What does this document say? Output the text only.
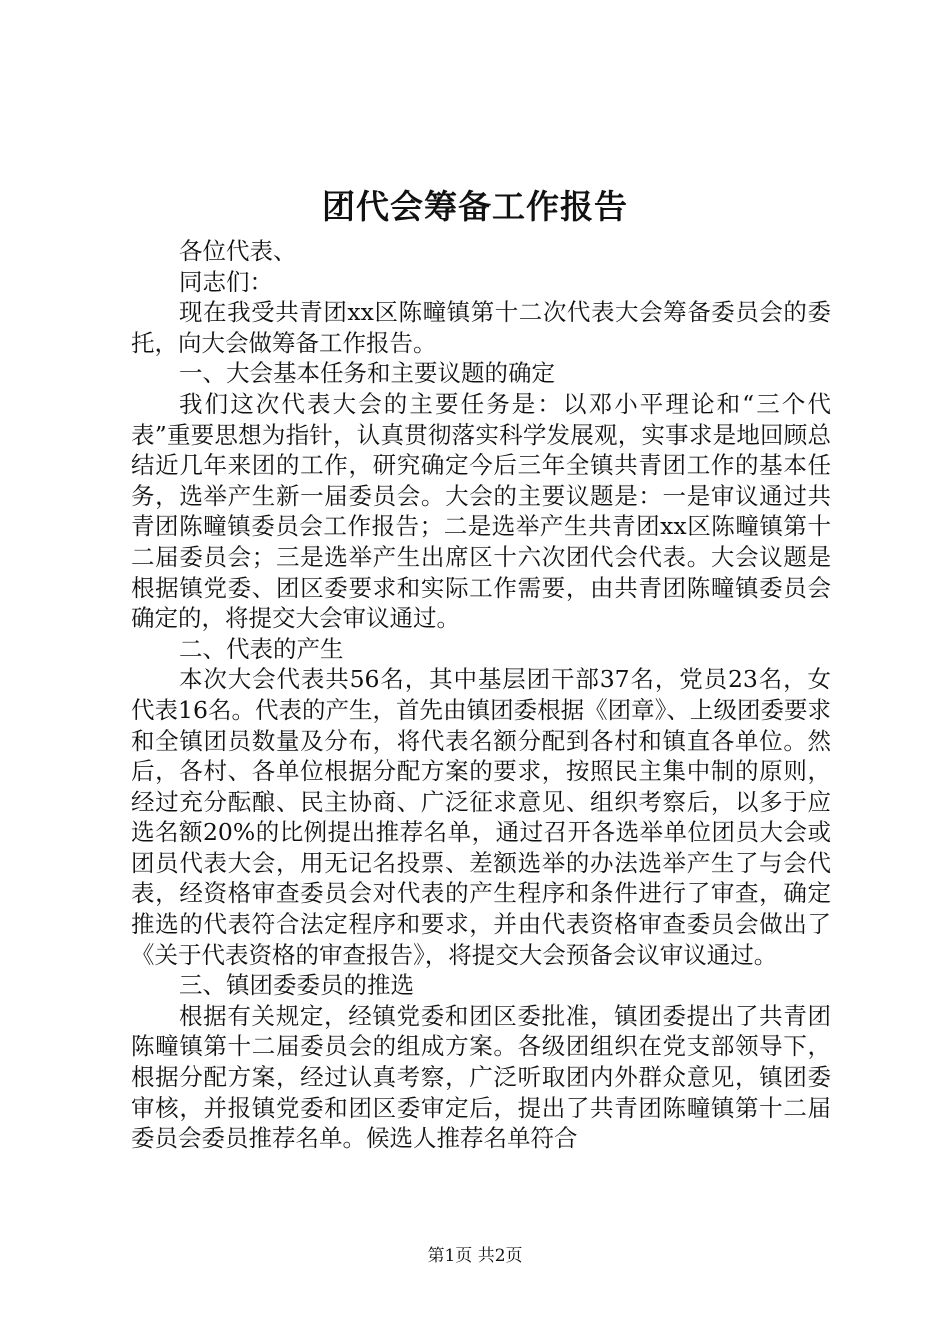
团代会筹备工作报告

各位代表、

同志们：

现在我受共青团xx区陈疃镇第十二次代表大会筹备委员会的委托，向大会做筹备工作报告。

一、大会基本任务和主要议题的确定

我们这次代表大会的主要任务是：以邓小平理论和“三个代表”重要思想为指针，认真贯彻落实科学发展观，实事求是地回顾总结近几年来团的工作，研究确定今后三年全镇共青团工作的基本任务，选举产生新一届委员会。大会的主要议题是：一是审议通过共青团陈疃镇委员会工作报告；二是选举产生共青团xx区陈疃镇第十二届委员会；三是选举产生出席区十六次团代会代表。大会议题是根据镇党委、团区委要求和实际工作需要，由共青团陈疃镇委员会确定的，将提交大会审议通过。

二、代表的产生

本次大会代表共56名，其中基层团干部37名，党员23名，女代表16名。代表的产生，首先由镇团委根据《团章》、上级团委要求和全镇团员数量及分布，将代表名额分配到各村和镇直各单位。然后，各村、各单位根据分配方案的要求，按照民主集中制的原则，经过充分酝酿、民主协商、广泛征求意见、组织考察后，以多于应选名额20%的比例提出推荐名单，通过召开各选举单位团员大会或团员代表大会，用无记名投票、差额选举的办法选举产生了与会代表，经资格审查委员会对代表的产生程序和条件进行了审查，确定推选的代表符合法定程序和要求，并由代表资格审查委员会做出了《关于代表资格的审查报告》，将提交大会预备会议审议通过。

三、镇团委委员的推选

根据有关规定，经镇党委和团区委批准，镇团委提出了共青团陈疃镇第十二届委员会的组成方案。各级团组织在党支部领导下，根据分配方案，经过认真考察，广泛听取团内外群众意见，镇团委审核，并报镇党委和团区委审定后，提出了共青团陈疃镇第十二届委员会委员推荐名单。候选人推荐名单符合

第1页 共2页
